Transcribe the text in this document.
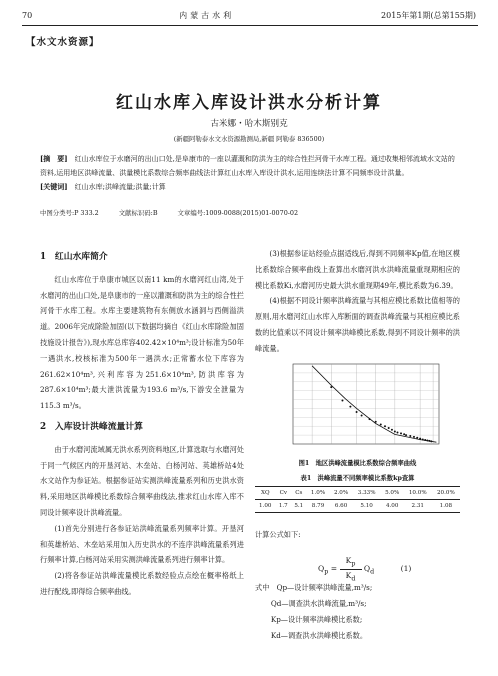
70	内蒙古水利	2015年第1期(总第155期)
【水文水资源】
红山水库入库设计洪水分析计算
古米娜・哈木斯别克
(新疆阿勒泰水文水资源勘测局,新疆 阿勒泰 836500)
[摘　要]　 红山水库位于水磨河的出山口处,是阜康市的一座以灌溉和防洪为主的综合性拦河骨干水库工程。通过收集相邻流域水文站的资料,运用地区洪峰流量、洪量模比系数综合频率曲线法计算红山水库入库设计洪水,运用连续法计算不同频率设计洪量。
[关键词]　 红山水库;洪峰流量;洪量;计算
中图分类号:P 333.2	文献标识码:B	文章编号:1009-0088(2015)01-0070-02
1　红山水库简介
红山水库位于阜康市城区以南11 km的水磨河红山湾,处于水磨河的出山口处,是阜康市的一座以灌溉和防洪为主的综合性拦河骨干水库工程。水库主要建筑物有东侧放水涵洞与西侧溢洪道。2006年完成除险加固(以下数据均摘自《红山水库除险加固技施设计报告》),现水库总库容402.42×10⁴m³;设计标准为50年一遇洪水,校核标准为500年一遇洪水;正常蓄水位下库容为261.62×10⁴m³,兴利库容为251.6×10⁴m³,防洪库容为287.6×10⁴m³;最大泄洪流量为193.6 m³/s,下游安全泄量为115.3 m³/s。
2　入库设计洪峰流量计算
由于水磨河流域属无洪水系列资料地区,计算选取与水磨河处于同一气候区内的开垦河站、木垒站、白杨河站、英雄桥站4处水文站作为参证站。根据参证站实测洪峰流量系列和历史洪水资料,采用地区洪峰模比系数综合频率曲线法,推求红山水库入库不同设计频率设计洪峰流量。
(1)首先分别进行各参证站洪峰流量系列频率计算。开垦河和英雄桥站、木垒站采用加入历史洪水的不连序洪峰流量系列进行频率计算,白杨河站采用实测洪峰流量系列进行频率计算。
(2)将各参证站洪峰流量模比系数经验点点绘在概率格纸上进行配线,即得综合频率曲线。
(3)根据参证站经验点据适线后,得到不同频率Kp值,在地区模比系数综合频率曲线上查算出水磨河洪水洪峰流量重现期相应的模比系数Ki,水磨河历史最大洪水重现期49年,模比系数为6.39。
(4)根据不同设计频率洪峰流量与其相应模比系数比值相等的原则,用水磨河红山水库入库断面的调查洪峰流量与其相应模比系数的比值乘以不同设计频率洪峰模比系数,得到不同设计频率的洪峰流量。
图1　地区洪峰流量模比系数综合频率曲线
表1　洪峰流量不同频率模比系数kp查算
XQ	Cv	Cs	1.0%	2.0%	3.33%	5.0%	10.0%	20.0%
1.00	1.7	5.1	8.79	6.60	5.10	4.00	2.31	1.08
计算公式如下:
$Q_p = \frac{K_p}{K_d} Q_d$	(1)
式中　Qp—设计频率洪峰流量,m³/s;
Qd—调查洪水洪峰流量,m³/s;
Kp—设计频率洪峰模比系数;
Kd—调查洪水洪峰模比系数。
